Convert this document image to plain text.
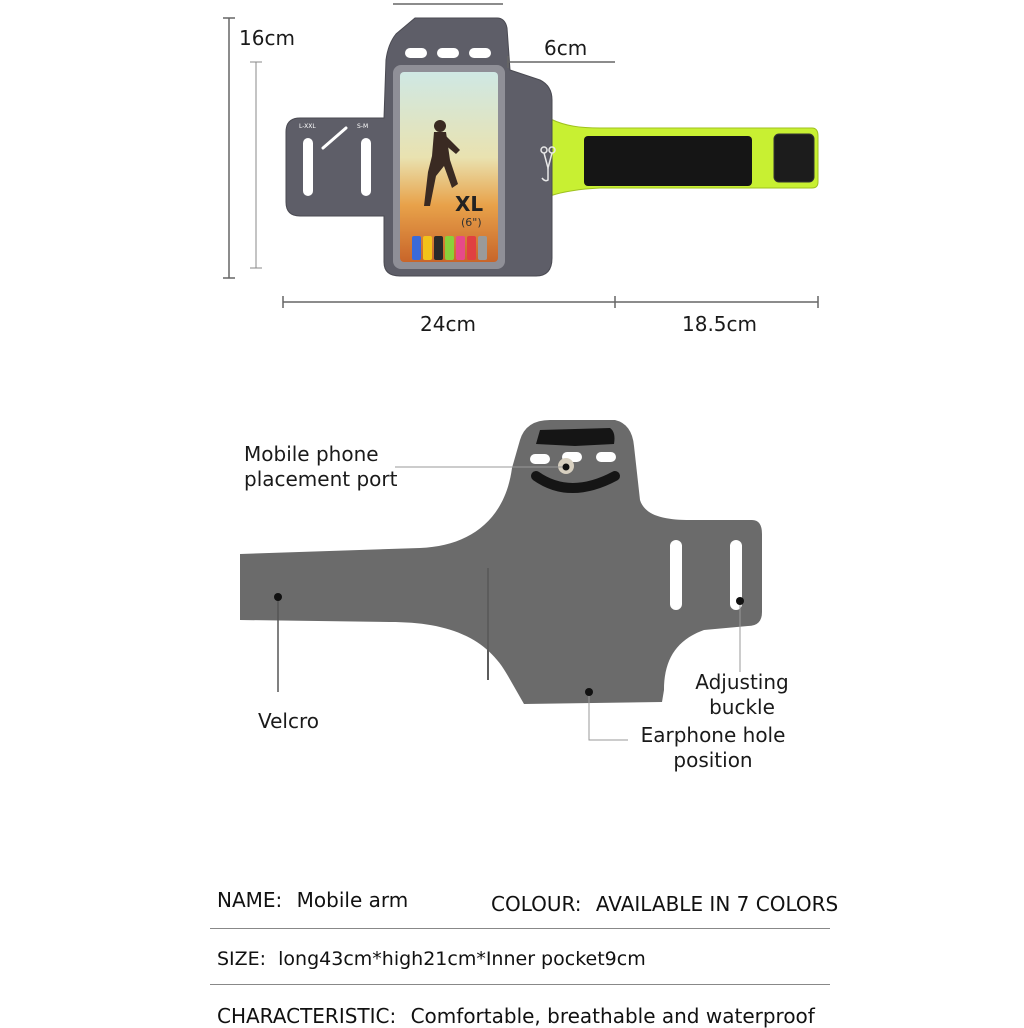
XL
(6")
L-XXL	S-M
16cm	6cm
24cm	18.5cm
Mobile phone
placement port
Velcro
Adjusting
buckle
Earphone hole
position
NAME: Mobile arm	COLOUR: AVAILABLE IN 7 COLORS
SIZE: long43cm*high21cm*Inner pocket9cm
CHARACTERISTIC: Comfortable, breathable and waterproof
